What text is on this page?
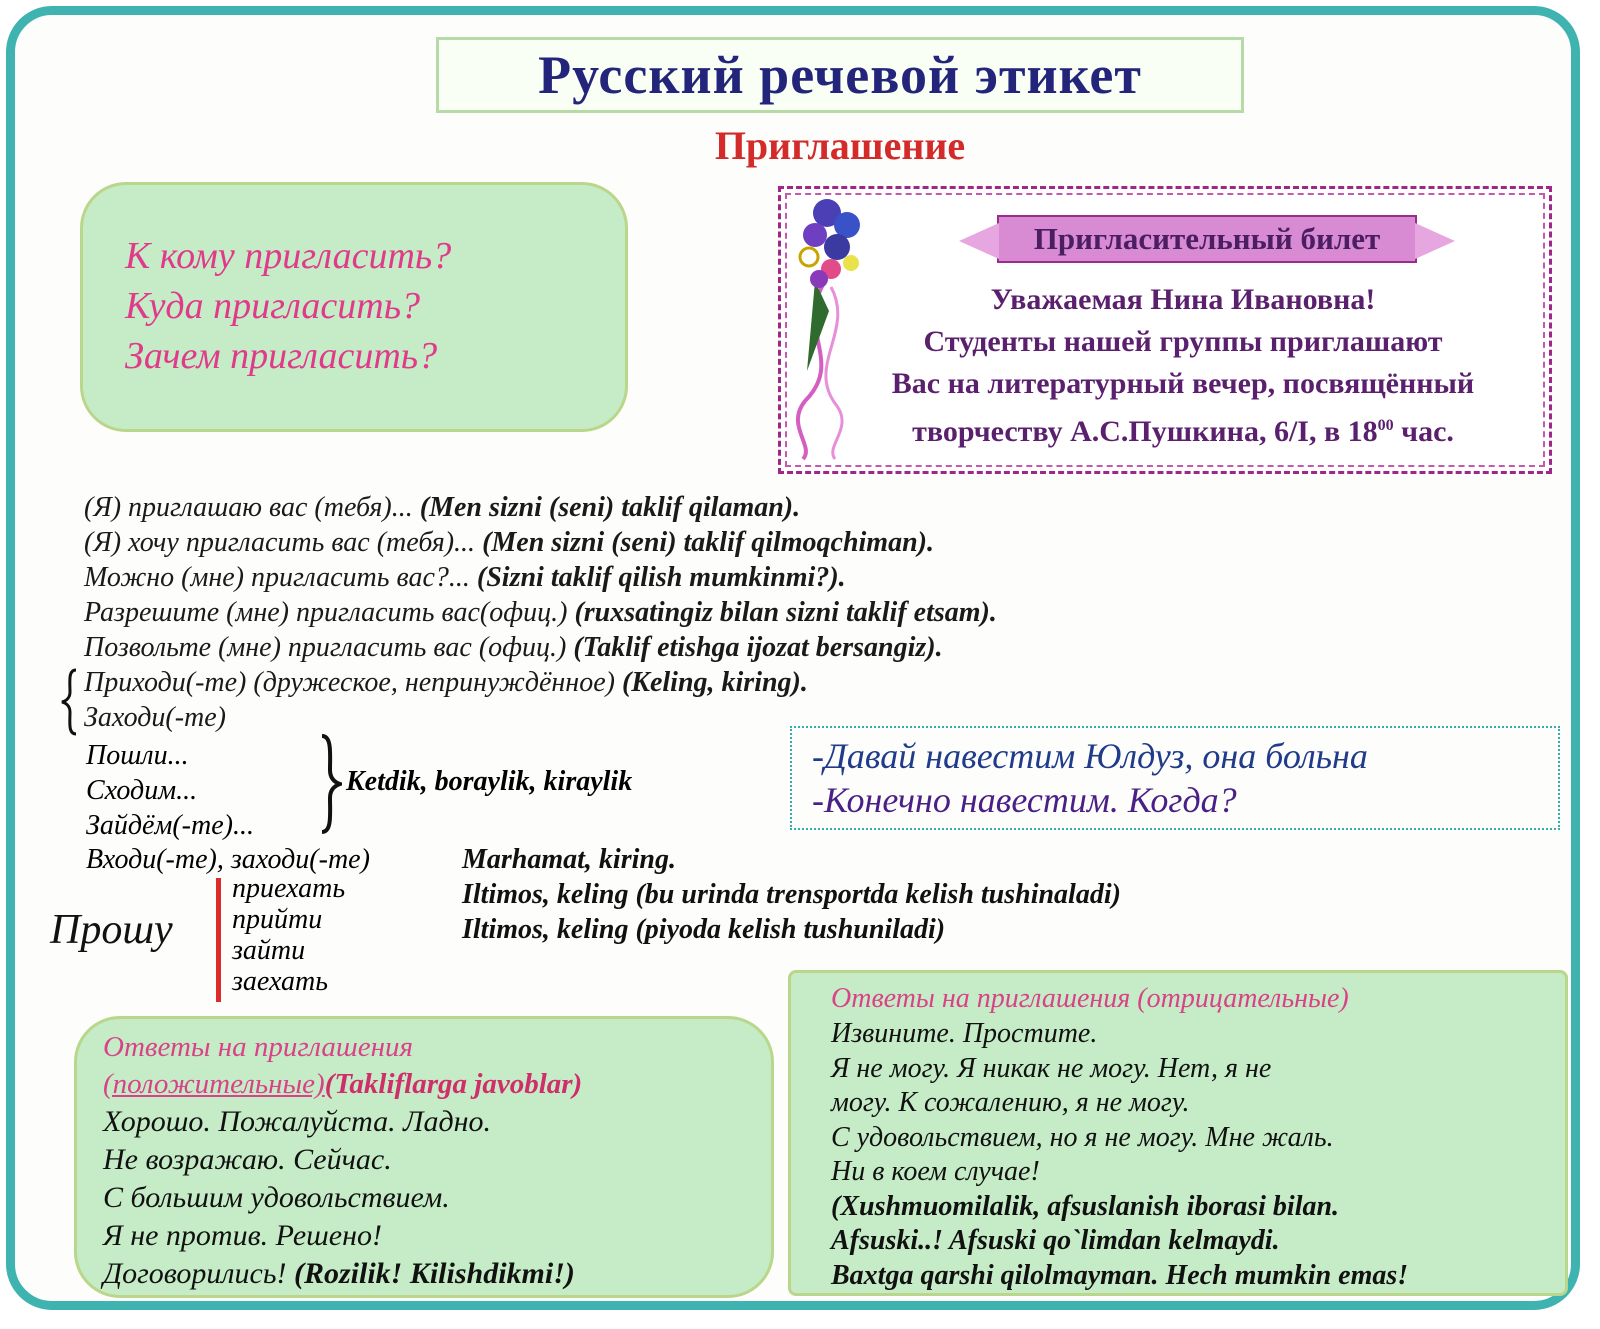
Русский речевой этикет
Приглашение
К кому пригласить?
Куда пригласить?
Зачем пригласить?
Пригласительный билет
Уважаемая Нина Ивановна!
Студенты нашей группы приглашают
Вас на литературный вечер, посвящённый
творчеству А.С.Пушкина, 6/I, в $18^{00}$ час.
(Я) приглашаю вас (тебя)... (Men sizni (seni) taklif qilaman).
(Я) хочу пригласить вас (тебя)... (Men sizni (seni) taklif qilmoqchiman).
Можно (мне) пригласить вас?... (Sizni taklif qilish mumkinmi?).
Разрешите (мне) пригласить вас(офиц.) (ruxsatingiz bilan sizni taklif etsam).
Позвольте (мне) пригласить вас (офиц.) (Taklif etishga ijozat bersangiz).
Приходи(-те) (дружеское, непринуждённое) (Keling, kiring).
Заходи(-те)
Пошли...
Сходим...
Зайдём(-те)...
Ketdik, boraylik, kiraylik
Входи(-те), заходи(-те)	Marhamat, kiring.
Iltimos, keling (bu urinda trensportda kelish tushinaladi)
Iltimos, keling (piyoda kelish tushuniladi)
Прошу
приехать
прийти
зайти
заехать
-Давай навестим Юлдуз, она больна
-Конечно навестим. Когда?
Ответы на приглашения
(положительные)(Takliflarga javoblar)
Хорошо. Пожалуйста. Ладно.
Не возражаю. Сейчас.
С большим удовольствием.
Я не против. Решено!
Договорились! (Rozilik! Kilishdikmi!)
Ответы на приглашения (отрицательные)
Извините. Простите.
Я не могу. Я никак не могу. Нет, я не
могу. К сожалению, я не могу.
С удовольствием, но я не могу. Мне жаль.
Ни в коем случае!
(Xushmuomilalik, afsuslanish iborasi bilan.
Afsuski..! Afsuski qo`limdan kelmaydi.
Baxtga qarshi qilolmayman. Hech mumkin emas!
